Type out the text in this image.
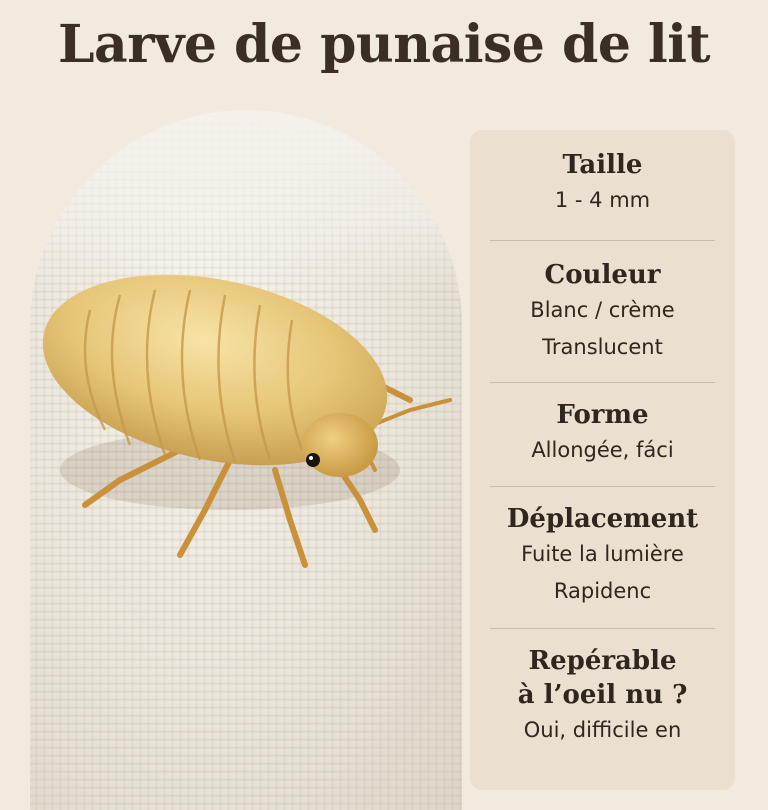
Larve de punaise de lit
Taille
1 - 4 mm
Couleur
Blanc / crème
Translucent
Forme
Allongée, fáci
Déplacement
Fuite la lumière
Rapidenc
Repérable
à l’oeil nu ?
Oui, difficile en
